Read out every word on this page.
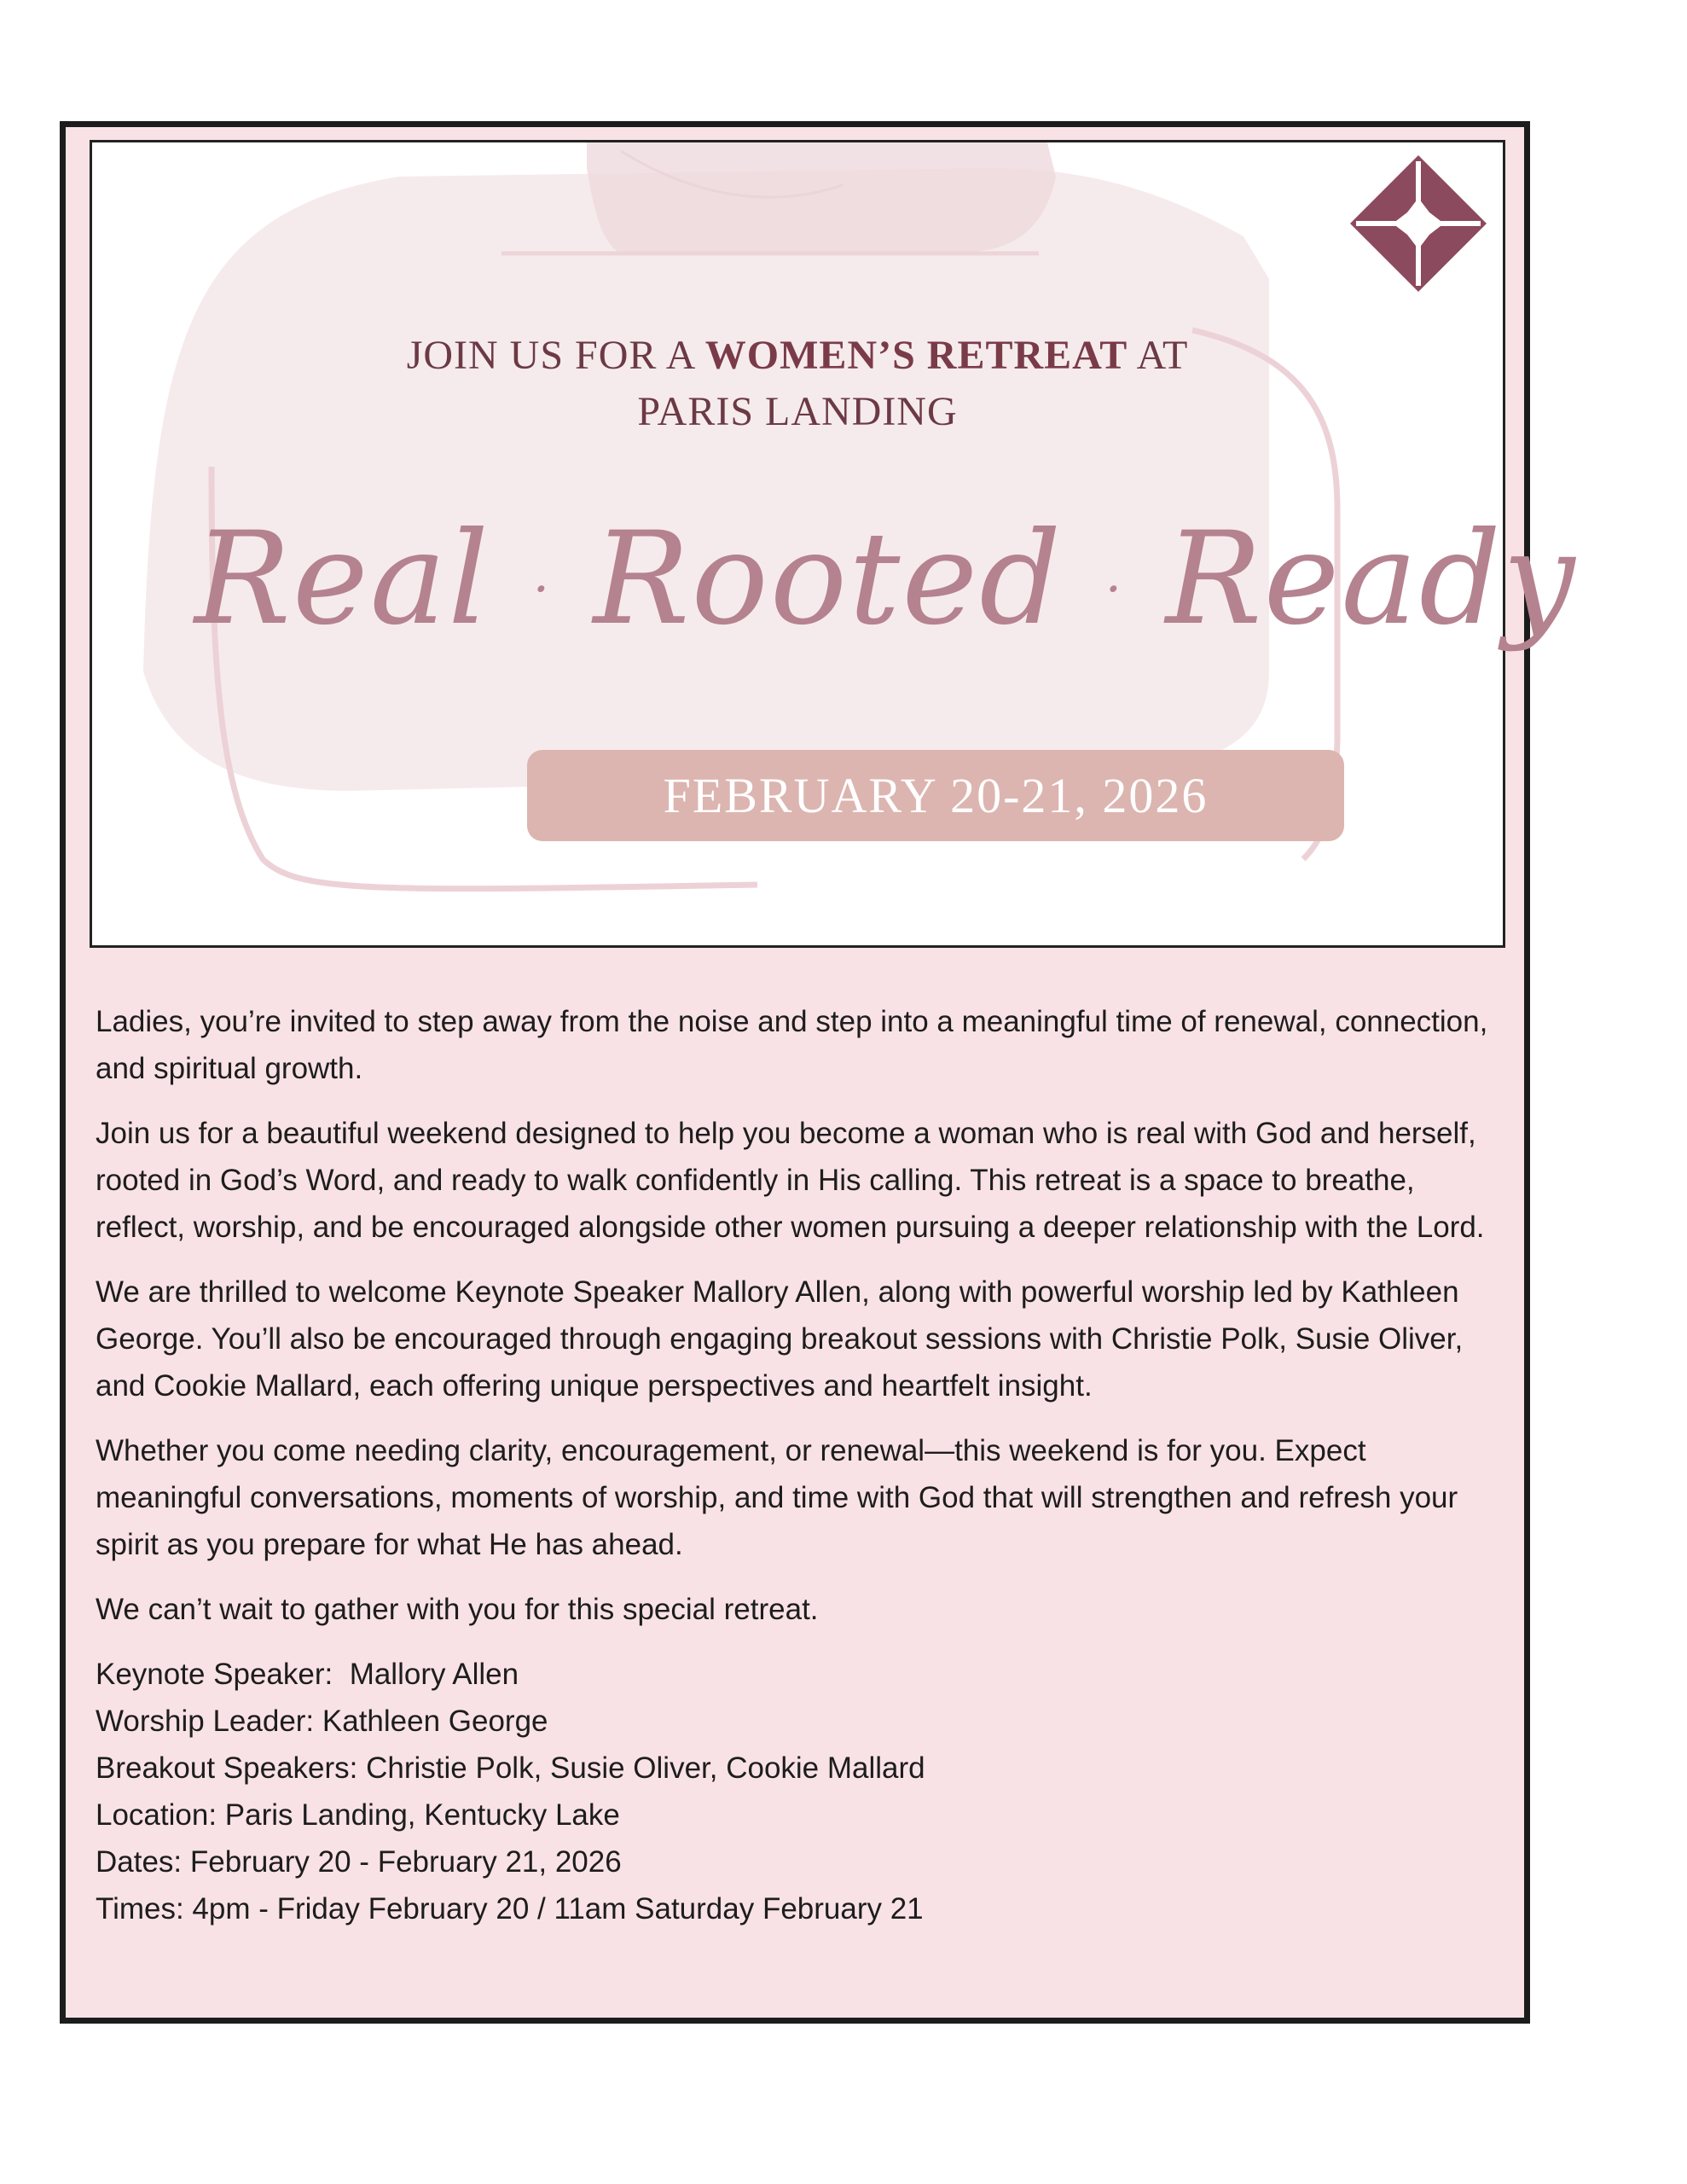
JOIN US FOR A WOMEN’S RETREAT AT
PARIS LANDING
Real · Rooted · Ready
FEBRUARY 20-21, 2026

Ladies, you’re invited to step away from the noise and step into a meaningful time of renewal, connection, and spiritual growth.

Join us for a beautiful weekend designed to help you become a woman who is real with God and herself, rooted in God’s Word, and ready to walk confidently in His calling. This retreat is a space to breathe, reflect, worship, and be encouraged alongside other women pursuing a deeper relationship with the Lord.

We are thrilled to welcome Keynote Speaker Mallory Allen, along with powerful worship led by Kathleen George. You’ll also be encouraged through engaging breakout sessions with Christie Polk, Susie Oliver, and Cookie Mallard, each offering unique perspectives and heartfelt insight.

Whether you come needing clarity, encouragement, or renewal—this weekend is for you. Expect meaningful conversations, moments of worship, and time with God that will strengthen and refresh your spirit as you prepare for what He has ahead.

We can’t wait to gather with you for this special retreat.

Keynote Speaker:  Mallory Allen
Worship Leader: Kathleen George
Breakout Speakers: Christie Polk, Susie Oliver, Cookie Mallard
Location: Paris Landing, Kentucky Lake
Dates: February 20 - February 21, 2026
Times: 4pm - Friday February 20 / 11am Saturday February 21
